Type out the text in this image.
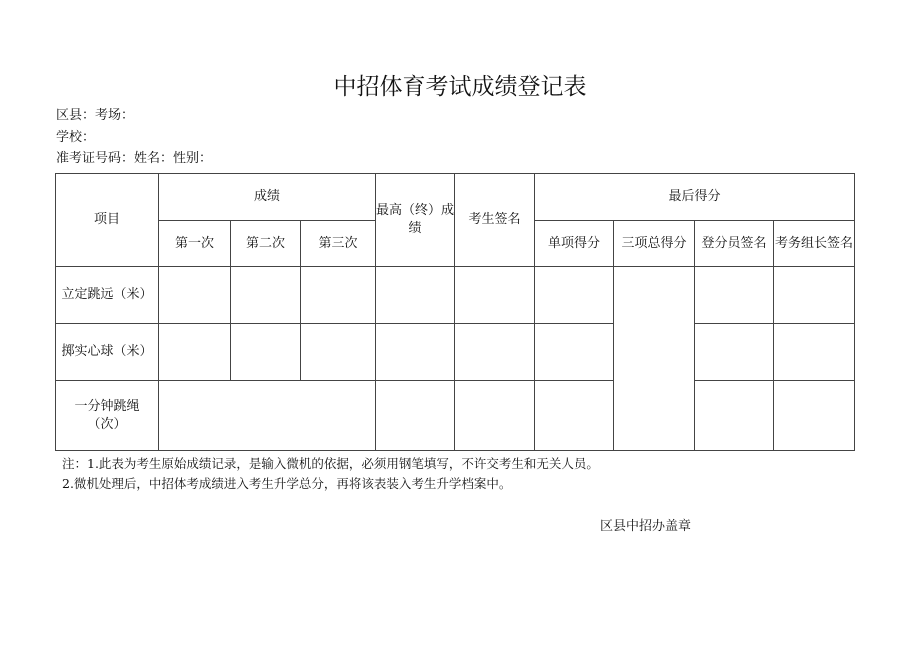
中招体育考试成绩登记表
区县：考场：
学校：
准考证号码：姓名：性别：
项目	成绩			最高（终）成绩	考生签名	最后得分			
	第一次	第二次	第三次			单项得分	三项总得分	登分员签名	考务组长签名
立定跳远（米）									
掷实心球（米）									
一分钟跳绳（次）									
注：1.此表为考生原始成绩记录，是输入微机的依据，必须用钢笔填写，不许交考生和无关人员。
2.微机处理后，中招体考成绩进入考生升学总分，再将该表装入考生升学档案中。
区县中招办盖章
